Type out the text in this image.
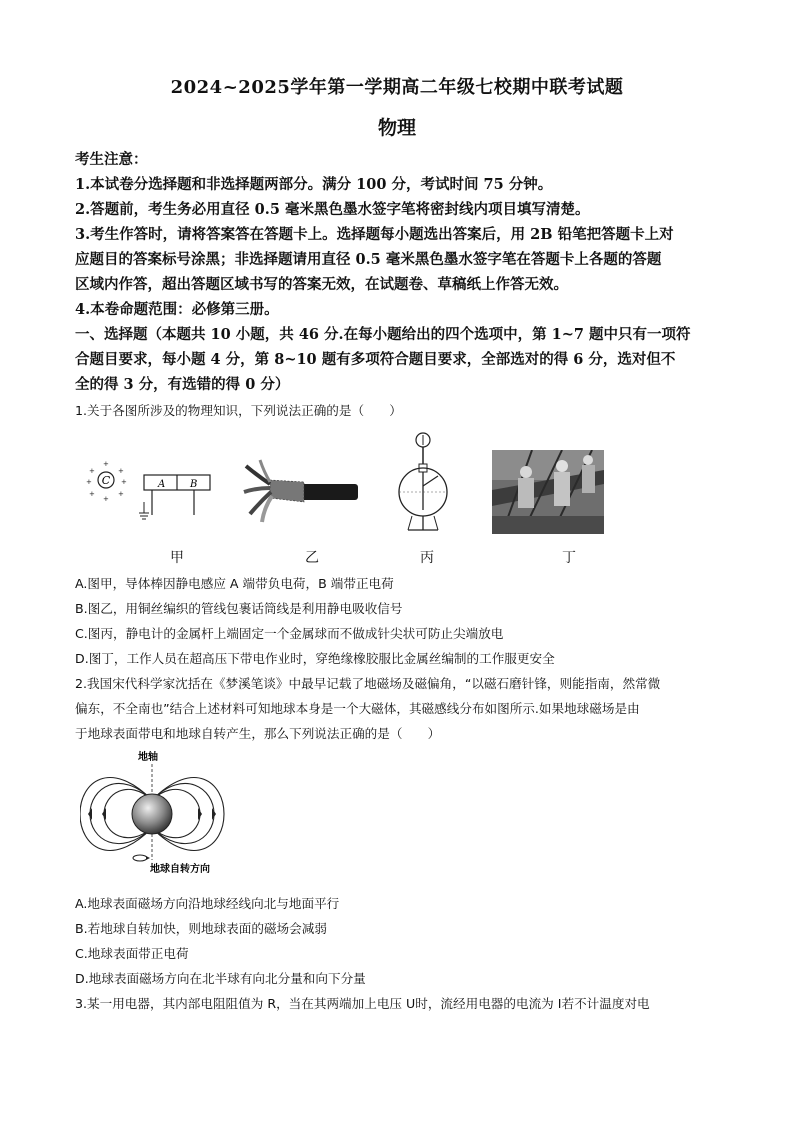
2024~2025学年第一学期高二年级七校期中联考试题
物理
考生注意：
1.本试卷分选择题和非选择题两部分。满分 100 分，考试时间 75 分钟。
2.答题前，考生务必用直径 0.5 毫米黑色墨水签字笔将密封线内项目填写清楚。
3.考生作答时，请将答案答在答题卡上。选择题每小题选出答案后，用 2B 铅笔把答题卡上对
应题目的答案标号涂黑；非选择题请用直径 0.5 毫米黑色墨水签字笔在答题卡上各题的答题
区域内作答，超出答题区域书写的答案无效，在试题卷、草稿纸上作答无效。
4.本卷命题范围：必修第三册。
一、选择题（本题共 10 小题，共 46 分.在每小题给出的四个选项中，第 1~7 题中只有一项符
合题目要求，每小题 4 分，第 8~10 题有多项符合题目要求，全部选对的得 6 分，选对但不
全的得 3 分，有选错的得 0 分）
1.关于各图所涉及的物理知识，下列说法正确的是（　　）
C
+
+	+
+	+
+	+
+
A B
甲	乙	丙	丁
A.图甲，导体棒因静电感应 A 端带负电荷，B 端带正电荷
B.图乙，用铜丝编织的管线包裹话筒线是利用静电吸收信号
C.图丙，静电计的金属杆上端固定一个金属球而不做成针尖状可防止尖端放电
D.图丁，工作人员在超高压下带电作业时，穿绝缘橡胶服比金属丝编制的工作服更安全
2.我国宋代科学家沈括在《梦溪笔谈》中最早记载了地磁场及磁偏角，“以磁石磨针锋，则能指南，然常微
偏东，不全南也”结合上述材料可知地球本身是一个大磁体，其磁感线分布如图所示.如果地球磁场是由
于地球表面带电和地球自转产生，那么下列说法正确的是（　　）
地轴
地球自转方向
A.地球表面磁场方向沿地球经线向北与地面平行
B.若地球自转加快，则地球表面的磁场会减弱
C.地球表面带正电荷
D.地球表面磁场方向在北半球有向北分量和向下分量
3.某一用电器，其内部电阻阻值为 R，当在其两端加上电压 U时，流经用电器的电流为 I若不计温度对电
